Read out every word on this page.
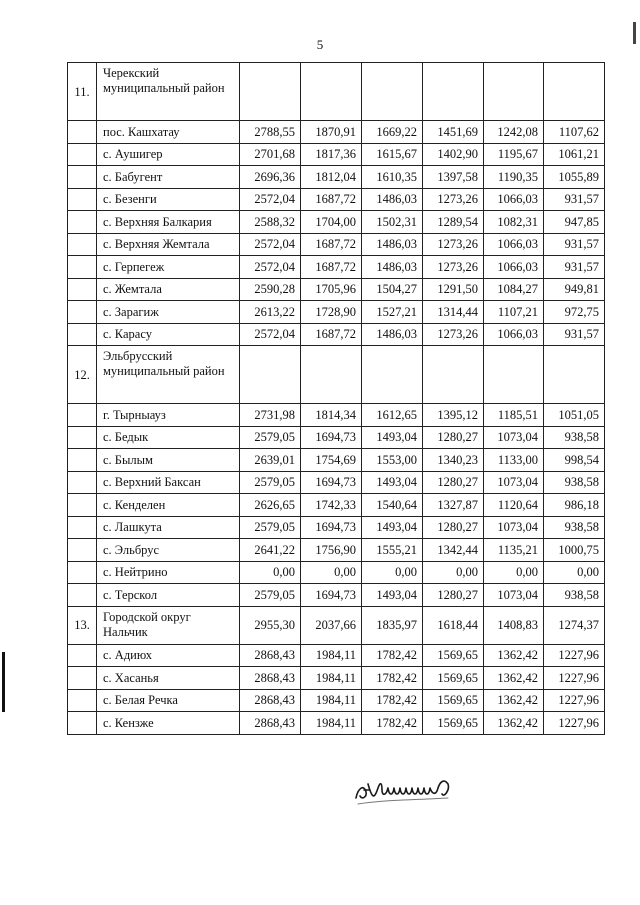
5
11.	Черекский муниципальный район						
	пос. Кашхатау	2788,55	1870,91	1669,22	1451,69	1242,08	1107,62
	с. Аушигер	2701,68	1817,36	1615,67	1402,90	1195,67	1061,21
	с. Бабугент	2696,36	1812,04	1610,35	1397,58	1190,35	1055,89
	с. Безенги	2572,04	1687,72	1486,03	1273,26	1066,03	931,57
	с. Верхняя Балкария	2588,32	1704,00	1502,31	1289,54	1082,31	947,85
	с. Верхняя Жемтала	2572,04	1687,72	1486,03	1273,26	1066,03	931,57
	с. Герпегеж	2572,04	1687,72	1486,03	1273,26	1066,03	931,57
	с. Жемтала	2590,28	1705,96	1504,27	1291,50	1084,27	949,81
	с. Зарагиж	2613,22	1728,90	1527,21	1314,44	1107,21	972,75
	с. Карасу	2572,04	1687,72	1486,03	1273,26	1066,03	931,57
12.	Эльбрусский муниципальный район						
	г. Тырныауз	2731,98	1814,34	1612,65	1395,12	1185,51	1051,05
	с. Бедык	2579,05	1694,73	1493,04	1280,27	1073,04	938,58
	с. Былым	2639,01	1754,69	1553,00	1340,23	1133,00	998,54
	с. Верхний Баксан	2579,05	1694,73	1493,04	1280,27	1073,04	938,58
	с. Кенделен	2626,65	1742,33	1540,64	1327,87	1120,64	986,18
	с. Лашкута	2579,05	1694,73	1493,04	1280,27	1073,04	938,58
	с. Эльбрус	2641,22	1756,90	1555,21	1342,44	1135,21	1000,75
	с. Нейтрино	0,00	0,00	0,00	0,00	0,00	0,00
	с. Терскол	2579,05	1694,73	1493,04	1280,27	1073,04	938,58
13.	Городской округ Нальчик	2955,30	2037,66	1835,97	1618,44	1408,83	1274,37
	с. Адиюх	2868,43	1984,11	1782,42	1569,65	1362,42	1227,96
	с. Хасанья	2868,43	1984,11	1782,42	1569,65	1362,42	1227,96
	с. Белая Речка	2868,43	1984,11	1782,42	1569,65	1362,42	1227,96
	с. Кензже	2868,43	1984,11	1782,42	1569,65	1362,42	1227,96
